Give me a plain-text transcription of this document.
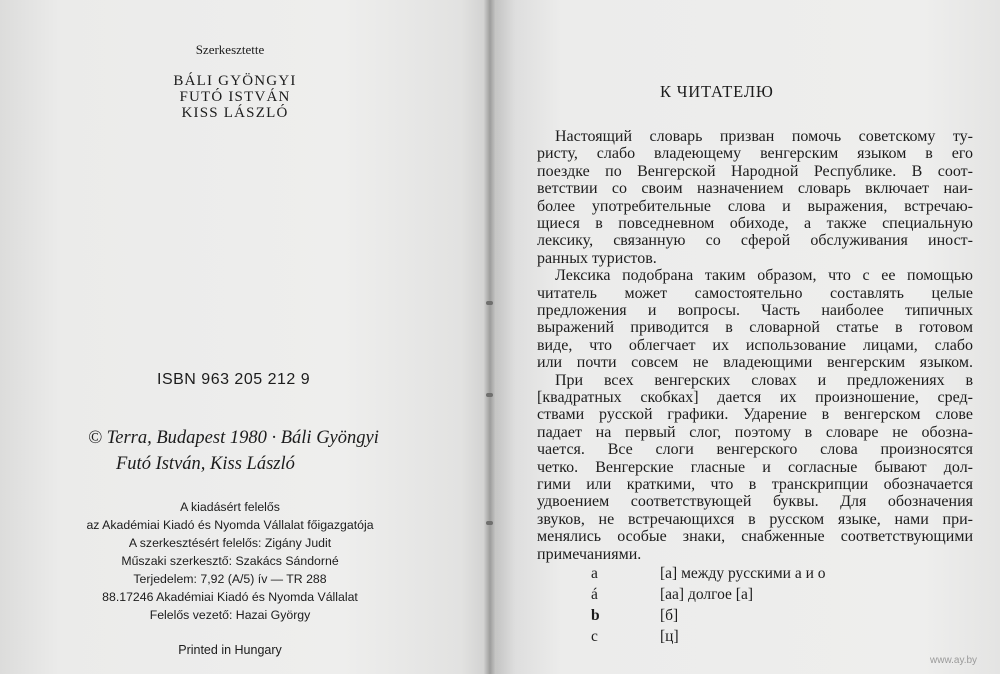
Szerkesztette
BÁLI GYÖNGYI
FUTÓ ISTVÁN
KISS LÁSZLÓ
ISBN 963 205 212 9
© Terra, Budapest 1980 · Báli Gyöngyi
Futó István, Kiss László
A kiadásért felelős
az Akadémiai Kiadó és Nyomda Vállalat főigazgatója
A szerkesztésért felelős: Zigány Judit
Műszaki szerkesztő: Szakács Sándorné
Terjedelem: 7,92 (A/5) ív — TR 288
88.17246 Akadémiai Kiadó és Nyomda Vállalat
Felelős vezető: Hazai György
Printed in Hungary
К ЧИТАТЕЛЮ
Настоящий словарь призван помочь советскому ту-
ристу, слабо владеющему венгерским языком в его
поездке по Венгерской Народной Республике. В соот-
ветствии со своим назначением словарь включает наи-
более употребительные слова и выражения, встречаю-
щиеся в повседневном обиходе, а также специальную
лексику, связанную со сферой обслуживания иност-
ранных туристов.
Лексика подобрана таким образом, что с ее помощью
читатель может самостоятельно составлять целые
предложения и вопросы. Часть наиболее типичных
выражений приводится в словарной статье в готовом
виде, что облегчает их использование лицами, слабо
или почти совсем не владеющими венгерским языком.
При всех венгерских словах и предложениях в
[квадратных скобках] дается их произношение, сред-
ствами русской графики. Ударение в венгерском слове
падает на первый слог, поэтому в словаре не обозна-
чается. Все слоги венгерского слова произносятся
четко. Венгерские гласные и согласные бывают дол-
гими или краткими, что в транскрипции обозначается
удвоением соответствующей буквы. Для обозначения
звуков, не встречающихся в русском языке, нами при-
менялись особые знаки, снабженные соответствующими
примечаниями.
a	[а] между русскими а и о
á	[аа] долгое [а]
b	[б]
c	[ц]
www.ay.by
